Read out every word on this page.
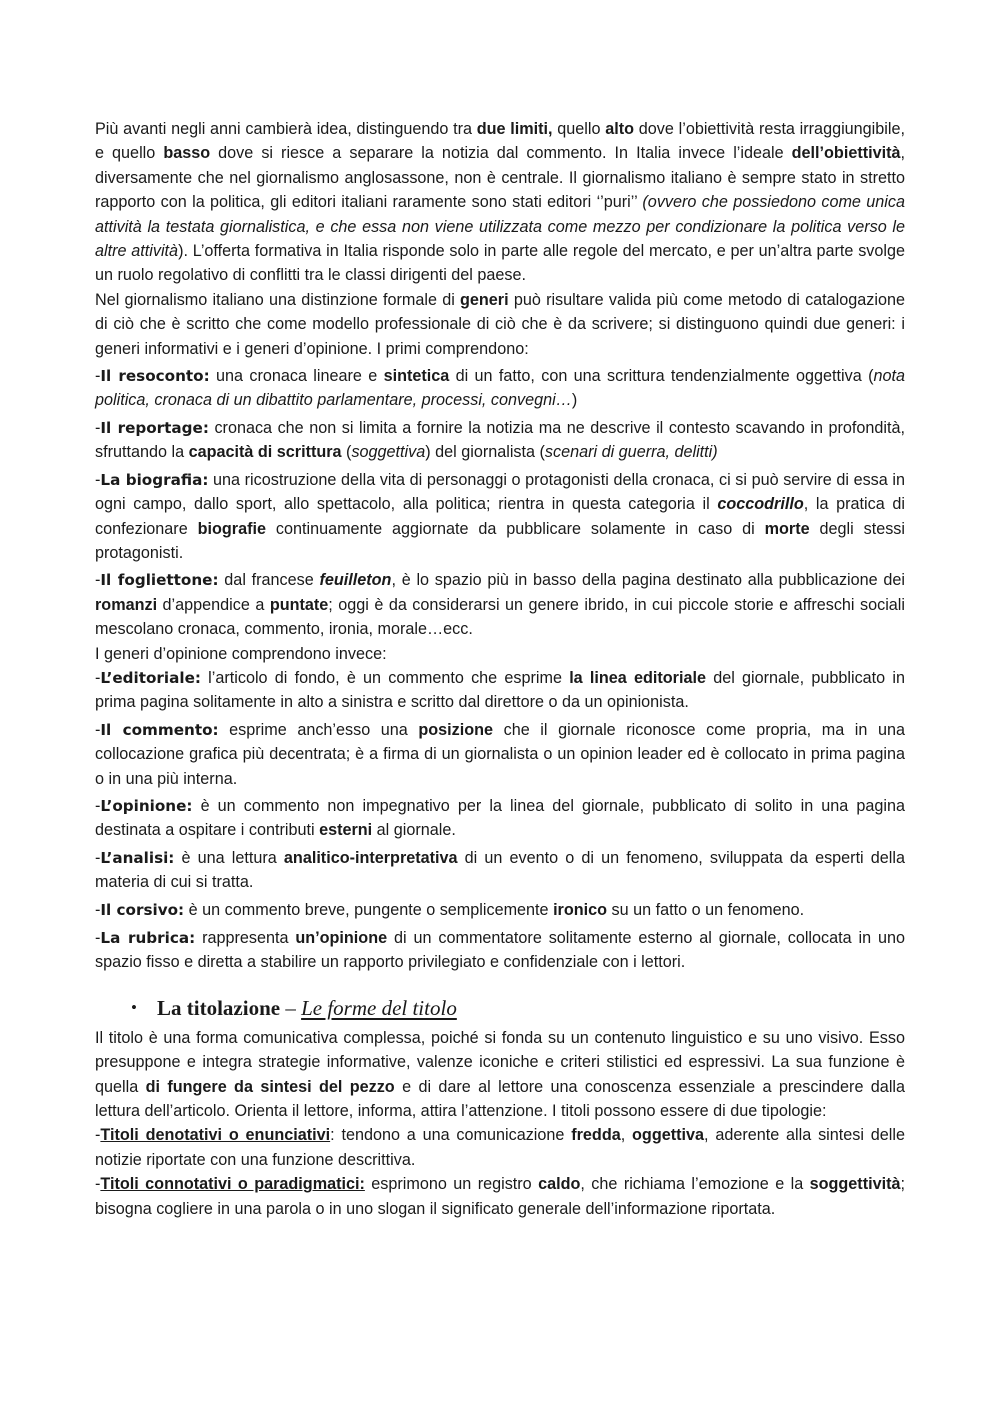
Più avanti negli anni cambierà idea, distinguendo tra due limiti, quello alto dove l’obiettività resta irraggiungibile, e quello basso dove si riesce a separare la notizia dal commento. In Italia invece l’ideale dell’obiettività, diversamente che nel giornalismo anglosassone, non è centrale. Il giornalismo italiano è sempre stato in stretto rapporto con la politica, gli editori italiani raramente sono stati editori ‘’puri’’ (ovvero che possiedono come unica attività la testata giornalistica, e che essa non viene utilizzata come mezzo per condizionare la politica verso le altre attività). L’offerta formativa in Italia risponde solo in parte alle regole del mercato, e per un’altra parte svolge un ruolo regolativo di conflitti tra le classi dirigenti del paese.

Nel giornalismo italiano una distinzione formale di generi può risultare valida più come metodo di catalogazione di ciò che è scritto che come modello professionale di ciò che è da scrivere; si distinguono quindi due generi: i generi informativi e i generi d’opinione. I primi comprendono:

-Il resoconto: una cronaca lineare e sintetica di un fatto, con una scrittura tendenzialmente oggettiva (nota politica, cronaca di un dibattito parlamentare, processi, convegni…)

-Il reportage: cronaca che non si limita a fornire la notizia ma ne descrive il contesto scavando in profondità, sfruttando la capacità di scrittura (soggettiva) del giornalista (scenari di guerra, delitti)

-La biografia: una ricostruzione della vita di personaggi o protagonisti della cronaca, ci si può servire di essa in ogni campo, dallo sport, allo spettacolo, alla politica; rientra in questa categoria il coccodrillo, la pratica di confezionare biografie continuamente aggiornate da pubblicare solamente in caso di morte degli stessi protagonisti.

-Il fogliettone: dal francese feuilleton, è lo spazio più in basso della pagina destinato alla pubblicazione dei romanzi d’appendice a puntate; oggi è da considerarsi un genere ibrido, in cui piccole storie e affreschi sociali mescolano cronaca, commento, ironia, morale…ecc.

I generi d’opinione comprendono invece:

-L’editoriale: l’articolo di fondo, è un commento che esprime la linea editoriale del giornale, pubblicato in prima pagina solitamente in alto a sinistra e scritto dal direttore o da un opinionista.

-Il commento: esprime anch’esso una posizione che il giornale riconosce come propria, ma in una collocazione grafica più decentrata; è a firma di un giornalista o un opinion leader ed è collocato in prima pagina o in una più interna.

-L’opinione: è un commento non impegnativo per la linea del giornale, pubblicato di solito in una pagina destinata a ospitare i contributi esterni al giornale.

-L’analisi: è una lettura analitico-interpretativa di un evento o di un fenomeno, sviluppata da esperti della materia di cui si tratta.

-Il corsivo: è un commento breve, pungente o semplicemente ironico su un fatto o un fenomeno.

-La rubrica: rappresenta un’opinione di un commentatore solitamente esterno al giornale, collocata in uno spazio fisso e diretta a stabilire un rapporto privilegiato e confidenziale con i lettori.

• La titolazione – Le forme del titolo

Il titolo è una forma comunicativa complessa, poiché si fonda su un contenuto linguistico e su uno visivo. Esso presuppone e integra strategie informative, valenze iconiche e criteri stilistici ed espressivi. La sua funzione è quella di fungere da sintesi del pezzo e di dare al lettore una conoscenza essenziale a prescindere dalla lettura dell’articolo. Orienta il lettore, informa, attira l’attenzione. I titoli possono essere di due tipologie:

-Titoli denotativi o enunciativi: tendono a una comunicazione fredda, oggettiva, aderente alla sintesi delle notizie riportate con una funzione descrittiva.

-Titoli connotativi o paradigmatici: esprimono un registro caldo, che richiama l’emozione e la soggettività; bisogna cogliere in una parola o in uno slogan il significato generale dell’informazione riportata.
